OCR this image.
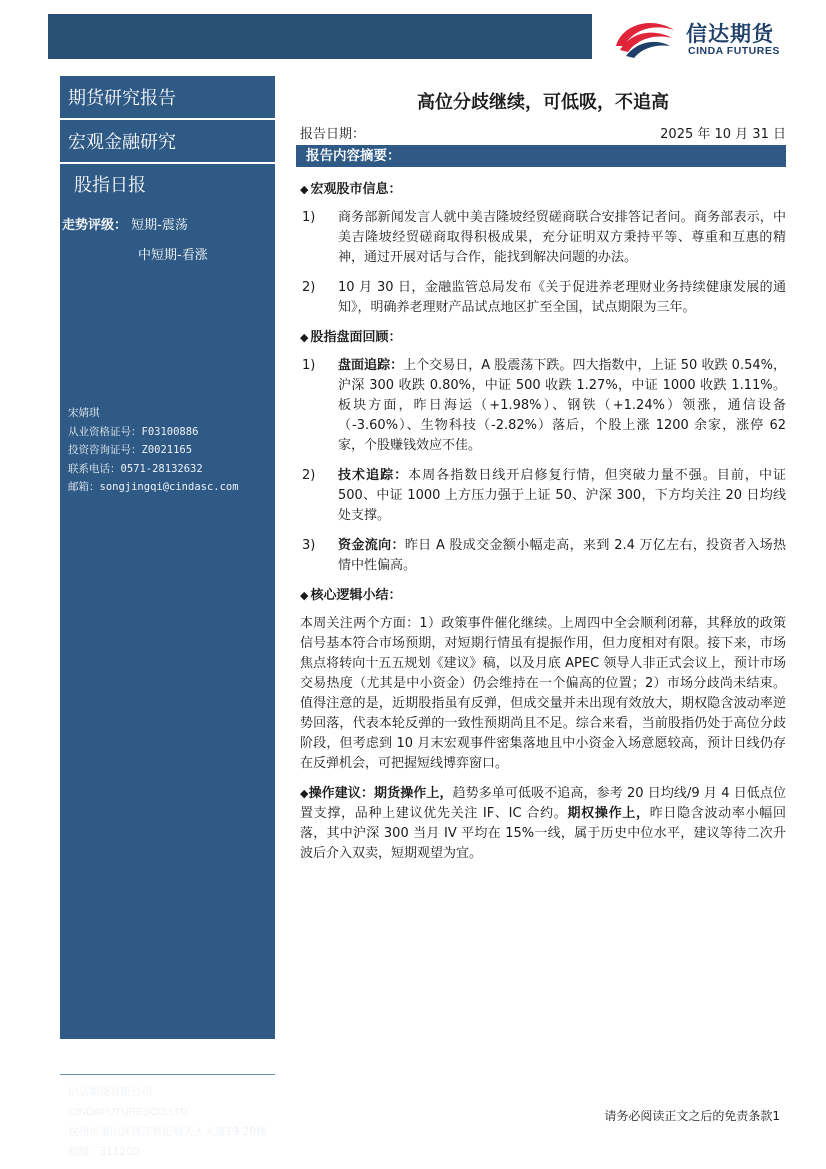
信达期货
CINDA FUTURES
期货研究报告
宏观金融研究
股指日报
走势评级： 短期-震荡
中短期-看涨
宋婧琪
从业资格证号：F03100886
投资咨询证号：Z0021165
联系电话：0571-28132632
邮箱：songjingqi@cindasc.com
信达期货有限公司
CINDAFUTURESCO.LTD
杭州市萧山区钱江世纪城天人大厦19-20楼
邮编：311200
高位分歧继续，可低吸，不追高
报告日期：	2025 年 10 月 31 日
报告内容摘要：
◆ 宏观股市信息：
1)	商务部新闻发言人就中美吉隆坡经贸磋商联合安排答记者问。商务部表示，中美吉隆坡经贸磋商取得积极成果，充分证明双方秉持平等、尊重和互惠的精神，通过开展对话与合作，能找到解决问题的办法。
2)	10 月 30 日，金融监管总局发布《关于促进养老理财业务持续健康发展的通知》，明确养老理财产品试点地区扩至全国，试点期限为三年。
◆ 股指盘面回顾：
1)	盘面追踪：上个交易日，A 股震荡下跌。四大指数中，上证 50 收跌 0.54%，沪深 300 收跌 0.80%，中证 500 收跌 1.27%，中证 1000 收跌 1.11%。板块方面，昨日海运（+1.98%）、钢铁（+1.24%）领涨，通信设备（-3.60%）、生物科技（-2.82%）落后，个股上涨 1200 余家，涨停 62 家，个股赚钱效应不佳。
2)	技术追踪：本周各指数日线开启修复行情，但突破力量不强。目前，中证 500、中证 1000 上方压力强于上证 50、沪深 300，下方均关注 20 日均线处支撑。
3)	资金流向：昨日 A 股成交金额小幅走高，来到 2.4 万亿左右，投资者入场热情中性偏高。
◆ 核心逻辑小结：
本周关注两个方面：1）政策事件催化继续。上周四中全会顺利闭幕，其释放的政策信号基本符合市场预期，对短期行情虽有提振作用，但力度相对有限。接下来，市场焦点将转向十五五规划《建议》稿，以及月底 APEC 领导人非正式会议上，预计市场交易热度（尤其是中小资金）仍会维持在一个偏高的位置；2）市场分歧尚未结束。值得注意的是，近期股指虽有反弹，但成交量并未出现有效放大，期权隐含波动率逆势回落，代表本轮反弹的一致性预期尚且不足。综合来看，当前股指仍处于高位分歧阶段，但考虑到 10 月末宏观事件密集落地且中小资金入场意愿较高，预计日线仍存在反弹机会，可把握短线博弈窗口。
◆操作建议：期货操作上，趋势多单可低吸不追高，参考 20 日均线/9 月 4 日低点位置支撑，品种上建议优先关注 IF、IC 合约。期权操作上，昨日隐含波动率小幅回落，其中沪深 300 当月 IV 平均在 15%一线，属于历史中位水平，建议等待二次升波后介入双卖，短期观望为宜。
请务必阅读正文之后的免责条款1
